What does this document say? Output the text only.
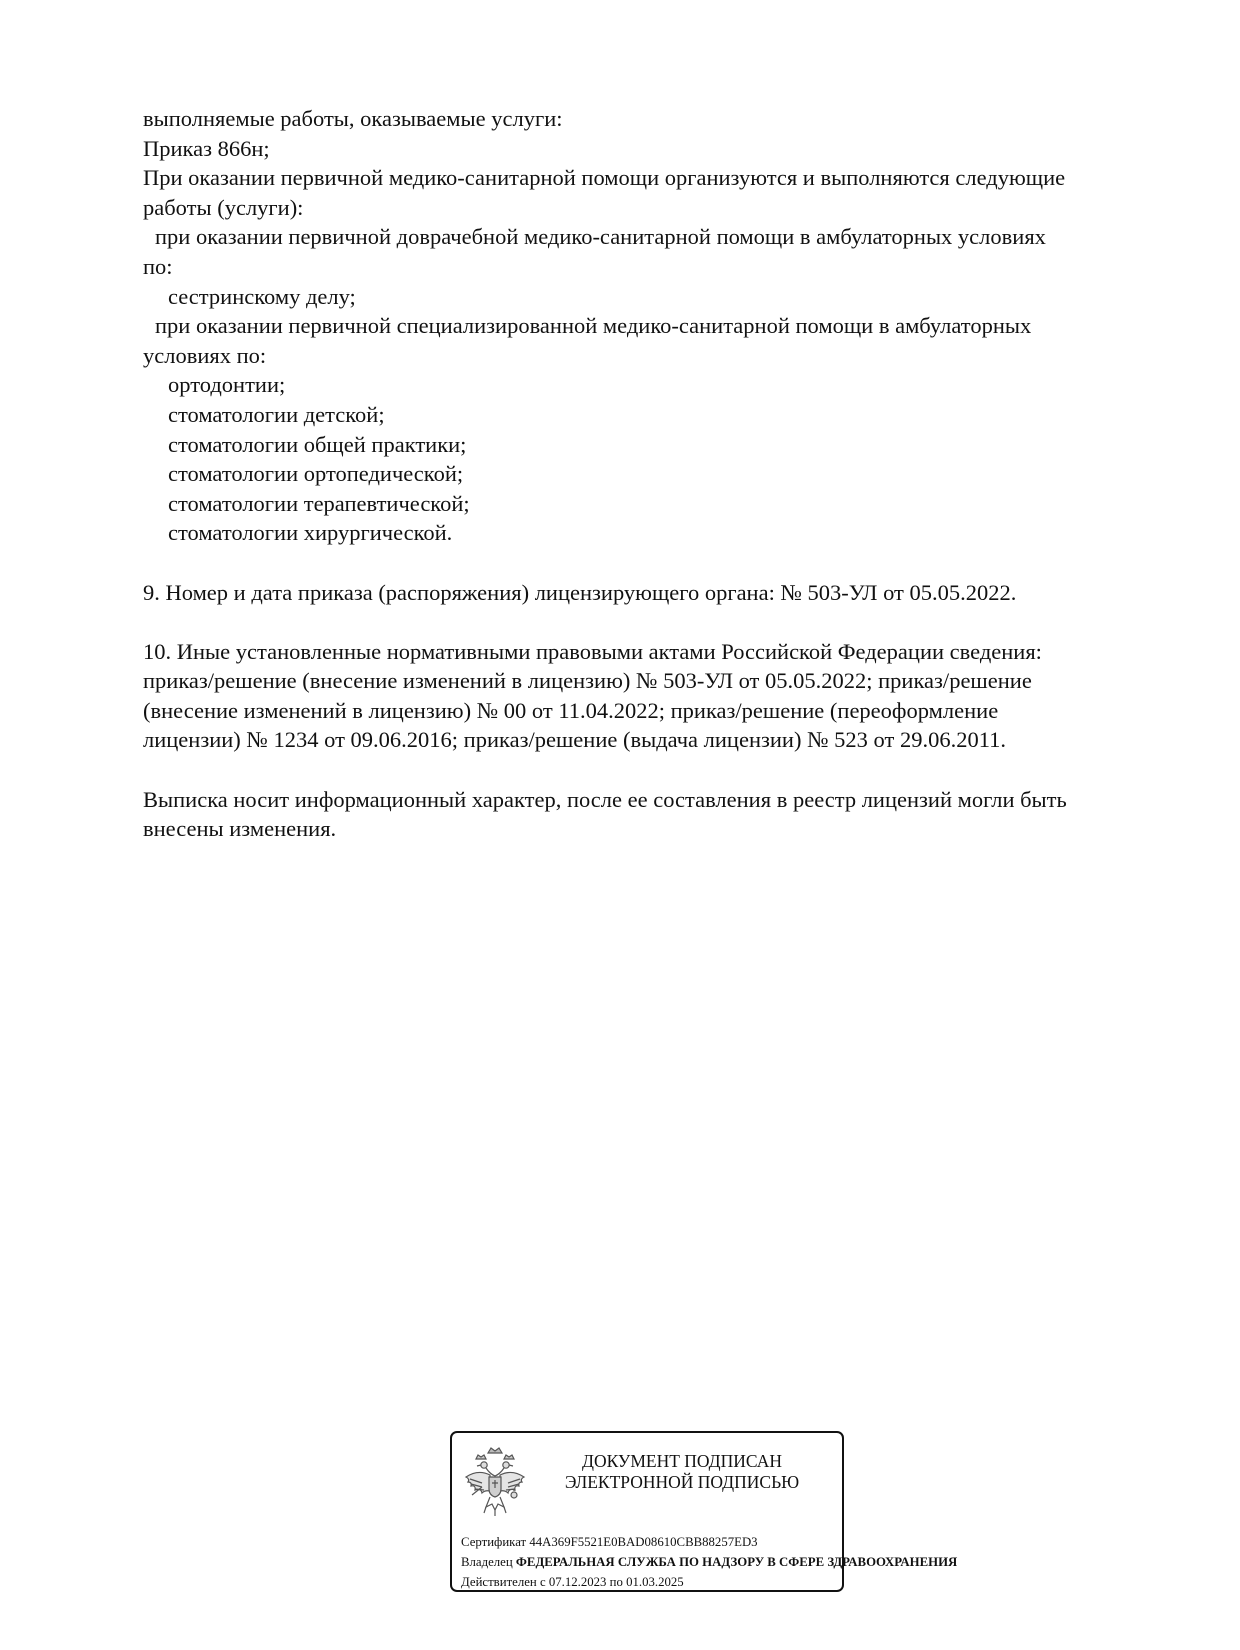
выполняемые работы, оказываемые услуги:
Приказ 866н;
При оказании первичной медико-санитарной помощи организуются и выполняются следующие
работы (услуги):
при оказании первичной доврачебной медико-санитарной помощи в амбулаторных условиях
по:
сестринскому делу;
при оказании первичной специализированной медико-санитарной помощи в амбулаторных
условиях по:
ортодонтии;
стоматологии детской;
стоматологии общей практики;
стоматологии ортопедической;
стоматологии терапевтической;
стоматологии хирургической.
9. Номер и дата приказа (распоряжения) лицензирующего органа: № 503-УЛ от 05.05.2022.
10. Иные установленные нормативными правовыми актами Российской Федерации сведения:
приказ/решение (внесение изменений в лицензию) № 503-УЛ от 05.05.2022; приказ/решение
(внесение изменений в лицензию) № 00 от 11.04.2022; приказ/решение (переоформление
лицензии) № 1234 от 09.06.2016; приказ/решение (выдача лицензии) № 523 от 29.06.2011.
Выписка носит информационный характер, после ее составления в реестр лицензий могли быть
внесены изменения.
ДОКУМЕНТ ПОДПИСАН
ЭЛЕКТРОННОЙ ПОДПИСЬЮ
Сертификат 44A369F5521E0BAD08610CBB88257ED3
Владелец ФЕДЕРАЛЬНАЯ СЛУЖБА ПО НАДЗОРУ В СФЕРЕ ЗДРАВООХРАНЕНИЯ
Действителен с 07.12.2023 по 01.03.2025
